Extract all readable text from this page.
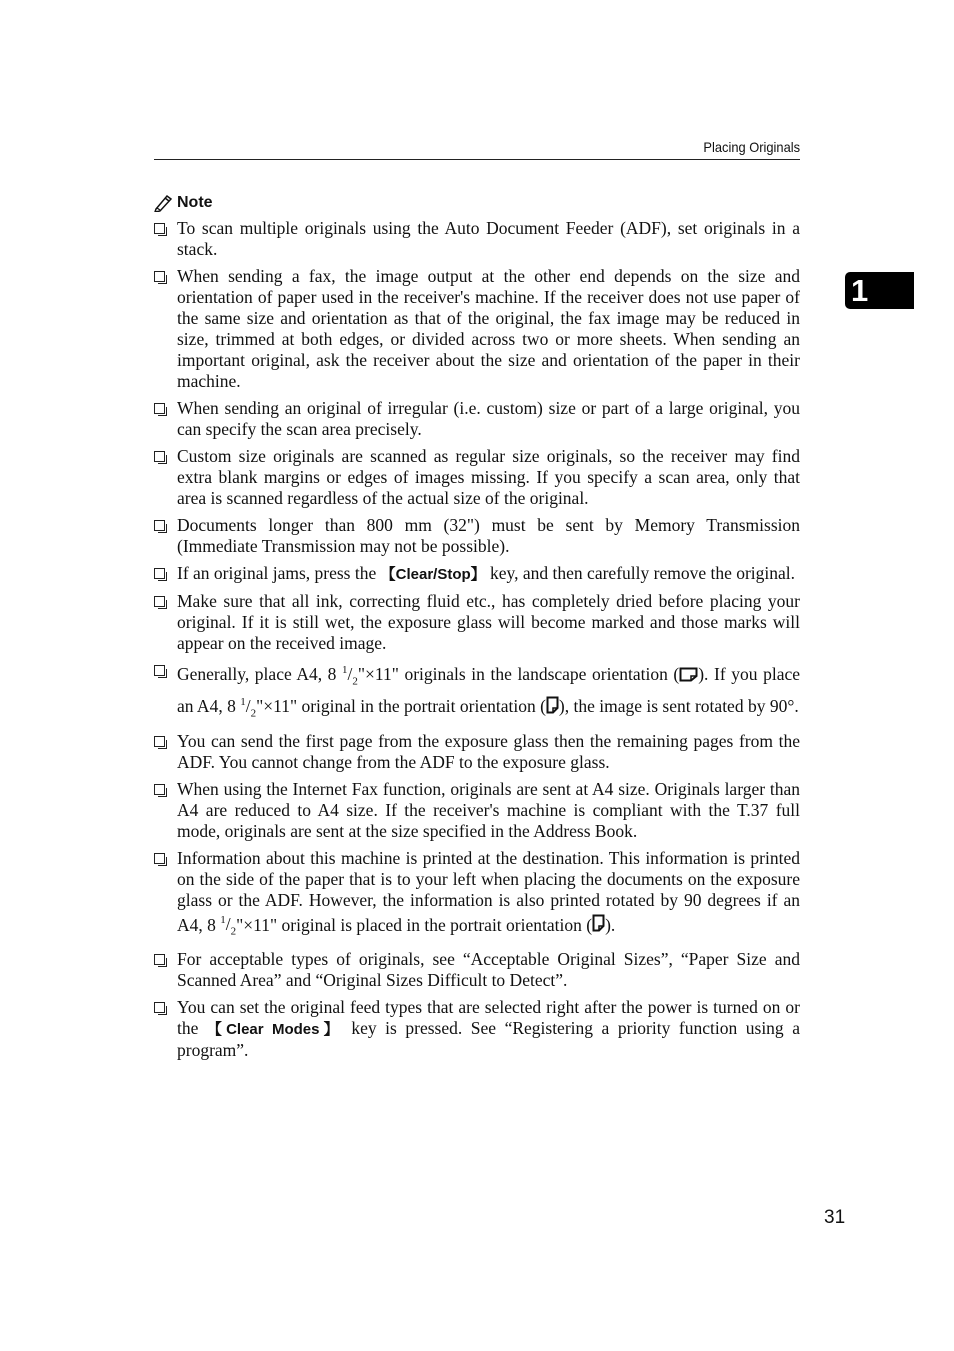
Placing Originals
1
Note
To scan multiple originals using the Auto Document Feeder (ADF), set originals in a stack.
When sending a fax, the image output at the other end depends on the size and orientation of paper used in the receiver's machine. If the receiver does not use paper of the same size and orientation as that of the original, the fax image may be reduced in size, trimmed at both edges, or divided across two or more sheets. When sending an important original, ask the receiver about the size and orientation of the paper in their machine.
When sending an original of irregular (i.e. custom) size or part of a large original, you can specify the scan area precisely.
Custom size originals are scanned as regular size originals, so the receiver may find extra blank margins or edges of images missing. If you specify a scan area, only that area is scanned regardless of the actual size of the original.
Documents longer than 800 mm (32") must be sent by Memory Transmission (Immediate Transmission may not be possible).
If an original jams, press the 【Clear/Stop】 key, and then carefully remove the original.
Make sure that all ink, correcting fluid etc., has completely dried before placing your original. If it is still wet, the exposure glass will become marked and those marks will appear on the received image.
Generally, place A4, 8 $^1/_2"\times 11$" originals in the landscape orientation ( ). If you place an A4, 8 $^1/_2"\times 11$" original in the portrait orientation ( ), the image is sent rotated by 90°.
You can send the first page from the exposure glass then the remaining pages from the ADF. You cannot change from the ADF to the exposure glass.
When using the Internet Fax function, originals are sent at A4 size. Originals larger than A4 are reduced to A4 size. If the receiver's machine is compliant with the T.37 full mode, originals are sent at the size specified in the Address Book.
Information about this machine is printed at the destination. This information is printed on the side of the paper that is to your left when placing the documents on the exposure glass or the ADF. However, the information is also printed rotated by 90 degrees if an A4, 8 $^1/_2"\times 11$" original is placed in the portrait orientation ( ).
For acceptable types of originals, see “Acceptable Original Sizes”, “Paper Size and Scanned Area” and “Original Sizes Difficult to Detect”.
You can set the original feed types that are selected right after the power is turned on or the 【Clear Modes】 key is pressed. See “Registering a priority function using a program”.
31
